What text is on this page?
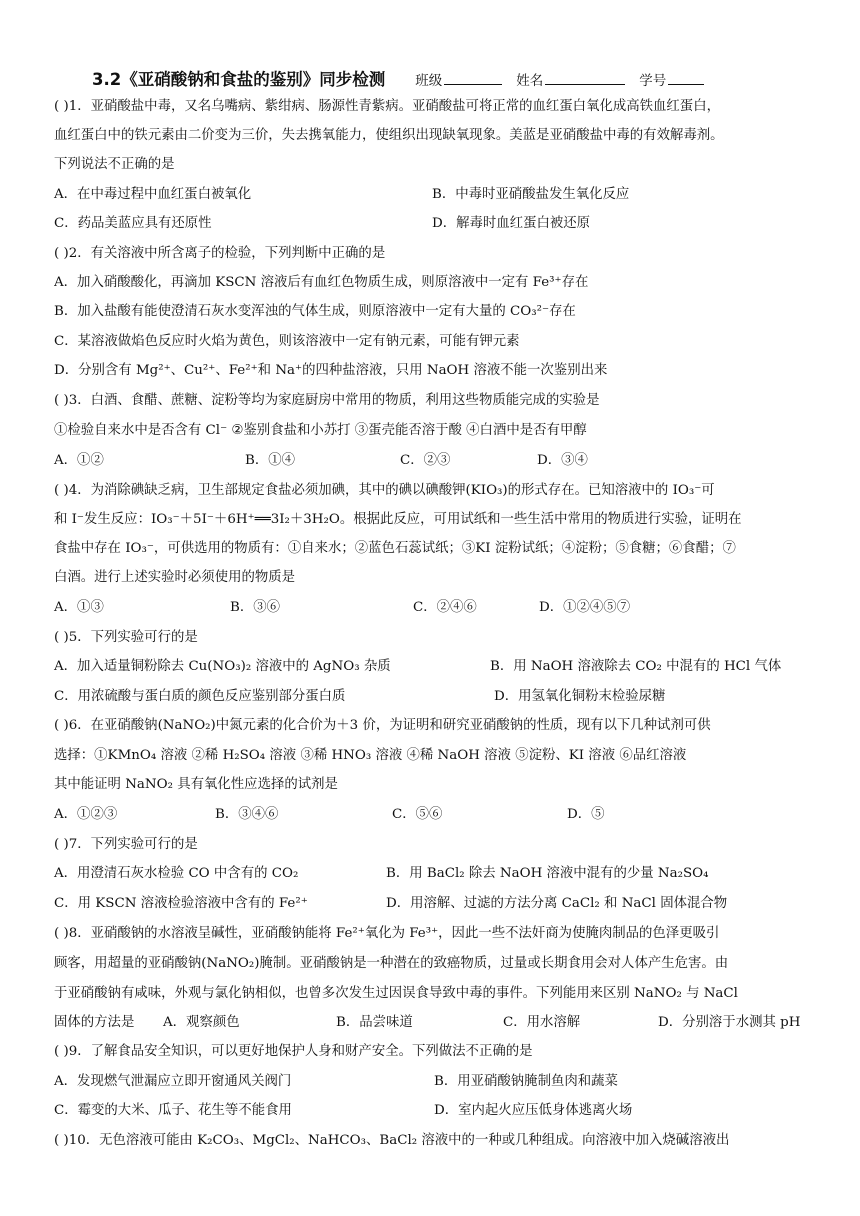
3.2《亚硝酸钠和食盐的鉴别》同步检测 班级	姓名	学号
( )1．亚硝酸盐中毒，又名乌嘴病、紫绀病、肠源性青紫病。亚硝酸盐可将正常的血红蛋白氧化成高铁血红蛋白，
血红蛋白中的铁元素由二价变为三价，失去携氧能力，使组织出现缺氧现象。美蓝是亚硝酸盐中毒的有效解毒剂。
下列说法不正确的是
A．在中毒过程中血红蛋白被氧化	B．中毒时亚硝酸盐发生氧化反应
C．药品美蓝应具有还原性	D．解毒时血红蛋白被还原
( )2．有关溶液中所含离子的检验，下列判断中正确的是
A．加入硝酸酸化，再滴加 KSCN 溶液后有血红色物质生成，则原溶液中一定有 Fe³⁺存在
B．加入盐酸有能使澄清石灰水变浑浊的气体生成，则原溶液中一定有大量的 CO₃²⁻存在
C．某溶液做焰色反应时火焰为黄色，则该溶液中一定有钠元素，可能有钾元素
D．分别含有 Mg²⁺、Cu²⁺、Fe²⁺和 Na⁺的四种盐溶液，只用 NaOH 溶液不能一次鉴别出来
( )3．白酒、食醋、蔗糖、淀粉等均为家庭厨房中常用的物质，利用这些物质能完成的实验是
①检验自来水中是否含有 Cl⁻ ②鉴别食盐和小苏打 ③蛋壳能否溶于酸 ④白酒中是否有甲醇
A．①②	B．①④	C．②③	D．③④
( )4．为消除碘缺乏病，卫生部规定食盐必须加碘，其中的碘以碘酸钾(KIO₃)的形式存在。已知溶液中的 IO₃⁻可
和 I⁻发生反应：IO₃⁻＋5I⁻＋6H⁺══3I₂＋3H₂O。根据此反应，可用试纸和一些生活中常用的物质进行实验，证明在
食盐中存在 IO₃⁻，可供选用的物质有：①自来水；②蓝色石蕊试纸；③KI 淀粉试纸；④淀粉；⑤食糖；⑥食醋；⑦
白酒。进行上述实验时必须使用的物质是
A．①③	B．③⑥	C．②④⑥	D．①②④⑤⑦
( )5．下列实验可行的是
A．加入适量铜粉除去 Cu(NO₃)₂ 溶液中的 AgNO₃ 杂质	B．用 NaOH 溶液除去 CO₂ 中混有的 HCl 气体
C．用浓硫酸与蛋白质的颜色反应鉴别部分蛋白质	D．用氢氧化铜粉末检验尿糖
( )6．在亚硝酸钠(NaNO₂)中氮元素的化合价为＋3 价，为证明和研究亚硝酸钠的性质，现有以下几种试剂可供
选择：①KMnO₄ 溶液 ②稀 H₂SO₄ 溶液 ③稀 HNO₃ 溶液 ④稀 NaOH 溶液 ⑤淀粉、KI 溶液 ⑥品红溶液
其中能证明 NaNO₂ 具有氧化性应选择的试剂是
A．①②③	B．③④⑥	C．⑤⑥	D．⑤
( )7．下列实验可行的是
A．用澄清石灰水检验 CO 中含有的 CO₂	B．用 BaCl₂ 除去 NaOH 溶液中混有的少量 Na₂SO₄
C．用 KSCN 溶液检验溶液中含有的 Fe²⁺	D．用溶解、过滤的方法分离 CaCl₂ 和 NaCl 固体混合物
( )8．亚硝酸钠的水溶液呈碱性，亚硝酸钠能将 Fe²⁺氧化为 Fe³⁺，因此一些不法奸商为使腌肉制品的色泽更吸引
顾客，用超量的亚硝酸钠(NaNO₂)腌制。亚硝酸钠是一种潜在的致癌物质，过量或长期食用会对人体产生危害。由
于亚硝酸钠有咸味，外观与氯化钠相似，也曾多次发生过因误食导致中毒的事件。下列能用来区别 NaNO₂ 与 NaCl
固体的方法是 A．观察颜色	B．品尝味道	C．用水溶解	D．分别溶于水测其 pH
( )9．了解食品安全知识，可以更好地保护人身和财产安全。下列做法不正确的是
A．发现燃气泄漏应立即开窗通风关阀门	B．用亚硝酸钠腌制鱼肉和蔬菜
C．霉变的大米、瓜子、花生等不能食用	D．室内起火应压低身体逃离火场
( )10．无色溶液可能由 K₂CO₃、MgCl₂、NaHCO₃、BaCl₂ 溶液中的一种或几种组成。向溶液中加入烧碱溶液出
